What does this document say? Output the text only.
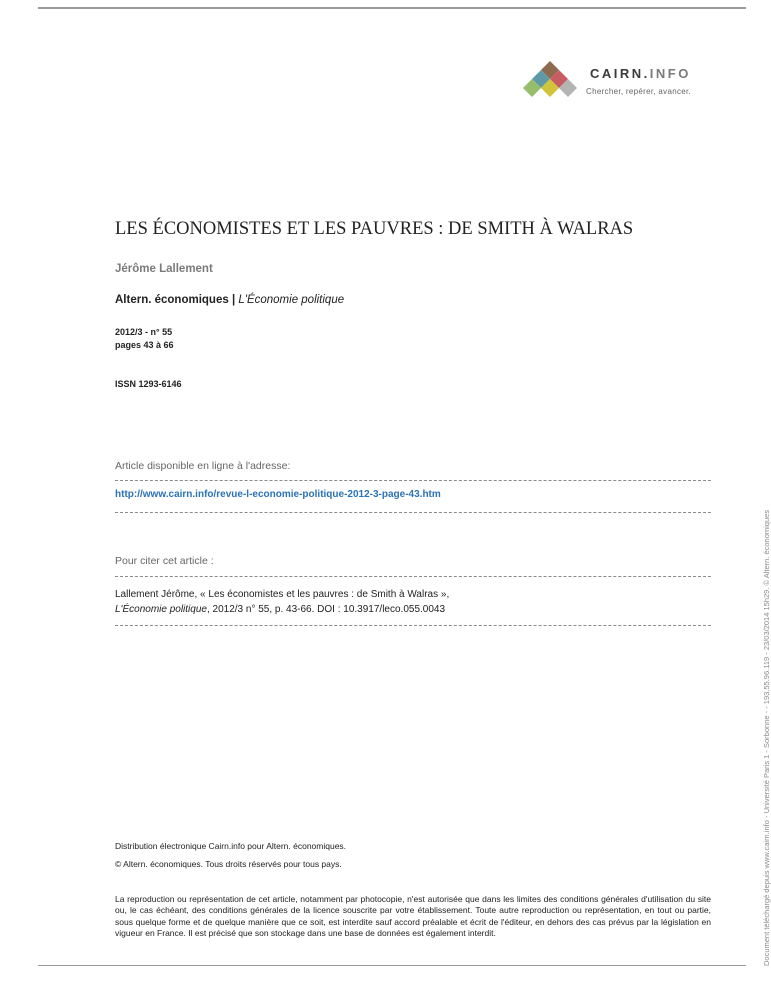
CAIRN.INFO
Chercher, repérer, avancer.
LES ÉCONOMISTES ET LES PAUVRES : DE SMITH À WALRAS
Jérôme Lallement
Altern. économiques | L'Économie politique
2012/3 - n° 55
pages 43 à 66
ISSN 1293-6146
Article disponible en ligne à l'adresse:
http://www.cairn.info/revue-l-economie-politique-2012-3-page-43.htm
Pour citer cet article :
Lallement Jérôme, « Les économistes et les pauvres : de Smith à Walras »,
L'Économie politique, 2012/3 n° 55, p. 43-66. DOI : 10.3917/leco.055.0043
Distribution électronique Cairn.info pour Altern. économiques.
© Altern. économiques. Tous droits réservés pour tous pays.
La reproduction ou représentation de cet article, notamment par photocopie, n'est autorisée que dans les limites des conditions générales d'utilisation du site ou, le cas échéant, des conditions générales de la licence souscrite par votre établissement. Toute autre reproduction ou représentation, en tout ou partie, sous quelque forme et de quelque manière que ce soit, est interdite sauf accord préalable et écrit de l'éditeur, en dehors des cas prévus par la législation en vigueur en France. Il est précisé que son stockage dans une base de données est également interdit.	Document téléchargé depuis www.cairn.info - Université Paris 1 - Sorbonne - - 193.55.96.119 - 23/03/2014 15h29. © Altern. économiques
